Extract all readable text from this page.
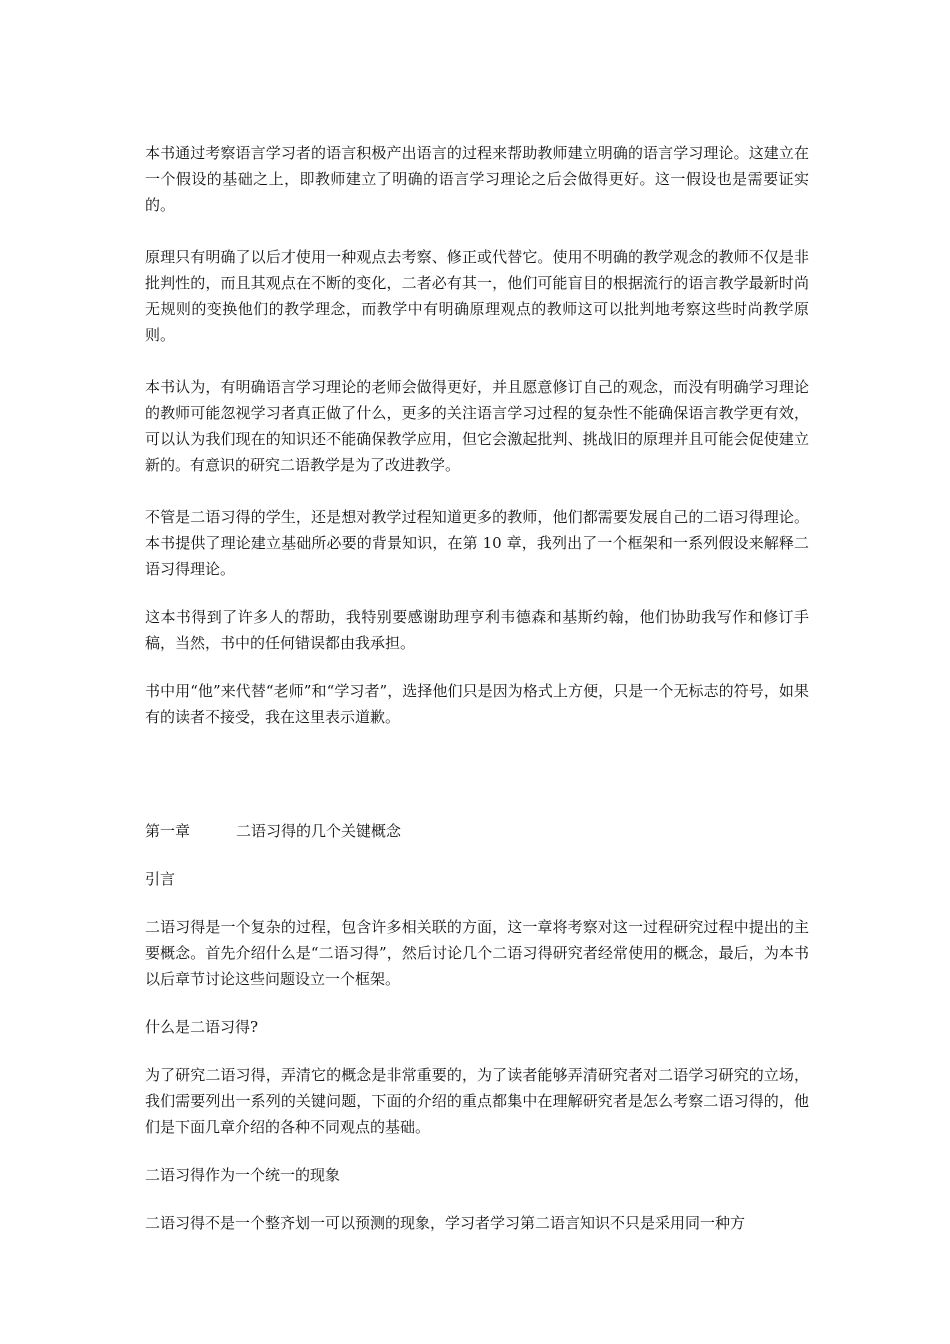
本书通过考察语言学习者的语言积极产出语言的过程来帮助教师建立明确的语言学习理论。这建立在一个假设的基础之上，即教师建立了明确的语言学习理论之后会做得更好。这一假设也是需要证实的。

原理只有明确了以后才使用一种观点去考察、修正或代替它。使用不明确的教学观念的教师不仅是非批判性的，而且其观点在不断的变化，二者必有其一，他们可能盲目的根据流行的语言教学最新时尚无规则的变换他们的教学理念，而教学中有明确原理观点的教师这可以批判地考察这些时尚教学原则。

本书认为，有明确语言学习理论的老师会做得更好，并且愿意修订自己的观念，而没有明确学习理论的教师可能忽视学习者真正做了什么，更多的关注语言学习过程的复杂性不能确保语言教学更有效，可以认为我们现在的知识还不能确保教学应用，但它会激起批判、挑战旧的原理并且可能会促使建立新的。有意识的研究二语教学是为了改进教学。

不管是二语习得的学生，还是想对教学过程知道更多的教师，他们都需要发展自己的二语习得理论。本书提供了理论建立基础所必要的背景知识，在第 10 章，我列出了一个框架和一系列假设来解释二语习得理论。

这本书得到了许多人的帮助，我特别要感谢助理亨利韦德森和基斯约翰，他们协助我写作和修订手稿，当然，书中的任何错误都由我承担。

书中用“他”来代替“老师”和“学习者”，选择他们只是因为格式上方便，只是一个无标志的符号，如果有的读者不接受，我在这里表示道歉。

第一章	二语习得的几个关键概念

引言

二语习得是一个复杂的过程，包含许多相关联的方面，这一章将考察对这一过程研究过程中提出的主要概念。首先介绍什么是“二语习得”，然后讨论几个二语习得研究者经常使用的概念，最后，为本书以后章节讨论这些问题设立一个框架。

什么是二语习得?

为了研究二语习得，弄清它的概念是非常重要的，为了读者能够弄清研究者对二语学习研究的立场，我们需要列出一系列的关键问题，下面的介绍的重点都集中在理解研究者是怎么考察二语习得的，他们是下面几章介绍的各种不同观点的基础。

二语习得作为一个统一的现象

二语习得不是一个整齐划一可以预测的现象，学习者学习第二语言知识不只是采用同一种方
